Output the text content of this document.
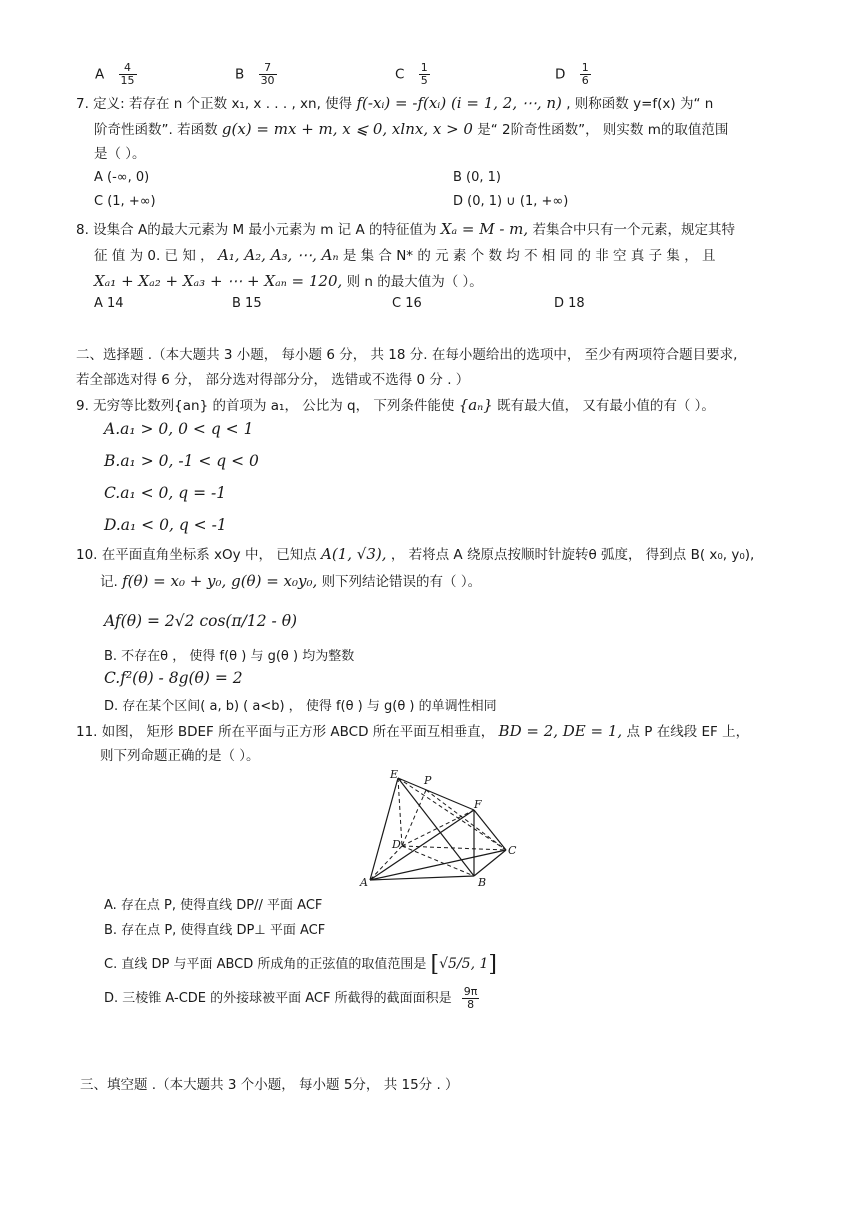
A $\frac{4}{15}$	B $\frac{7}{30}$	C $\frac{1}{5}$	D $\frac{1}{6}$
7. 定义: 若存在 n 个正数 x₁, x . . . , xn, 使得 f(-xᵢ) = -f(xᵢ) (i = 1, 2, ⋯, n) , 则称函数 y=f(x) 为“ n
阶奇性函数”. 若函数 g(x) = mx + m, x ⩽ 0, xlnx, x > 0 是“ 2阶奇性函数”， 则实数 m的取值范围
是（ ）。
A (-∞, 0)	B (0, 1)
C (1, +∞)	D (0, 1) ∪ (1, +∞)
8. 设集合 A的最大元素为 M 最小元素为 m 记 A 的特征值为 Xₐ = M - m, 若集合中只有一个元素，规定其特
征 值 为 0. 已 知 ， A₁, A₂, A₃, ⋯, Aₙ 是 集 合 N* 的 元 素 个 数 均 不 相 同 的 非 空 真 子 集 ， 且
Xₐ₁ + Xₐ₂ + Xₐ₃ + ⋯ + Xₐₙ = 120, 则 n 的最大值为（ ）。
A 14	B 15	C 16	D 18
二、选择题 .（本大题共 3 小题， 每小题 6 分， 共 18 分. 在每小题给出的选项中， 至少有两项符合题目要求,
若全部选对得 6 分， 部分选对得部分分， 选错或不选得 0 分 . ）
9. 无穷等比数列{an} 的首项为 a₁， 公比为 q， 下列条件能使 {aₙ} 既有最大值， 又有最小值的有（ ）。
A.a₁ > 0, 0 < q < 1
B.a₁ > 0, -1 < q < 0
C.a₁ < 0, q = -1
D.a₁ < 0, q < -1
10. 在平面直角坐标系 xOy 中， 已知点 A(1, √3), ， 若将点 A 绕原点按顺时针旋转θ 弧度， 得到点 B( x₀, y₀),
记. f(θ) = x₀ + y₀, g(θ) = x₀y₀, 则下列结论错误的有（ ）。
Af(θ) = 2√2 cos(π/12 - θ)
B. 不存在θ ， 使得 f(θ ) 与 g(θ ) 均为整数
C.f²(θ) - 8g(θ) = 2
D. 存在某个区间( a, b) ( a<b) ， 使得 f(θ ) 与 g(θ ) 的单调性相同
11. 如图， 矩形 BDEF 所在平面与正方形 ABCD 所在平面互相垂直， BD = 2, DE = 1, 点 P 在线段 EF 上，
则下列命题正确的是（ ）。
E P
F
D	C
A	B
A. 存在点 P, 使得直线 DP// 平面 ACF
B. 存在点 P, 使得直线 DP⊥ 平面 ACF
C. 直线 DP 与平面 ABCD 所成角的正弦值的取值范围是 [√5/5, 1]
D. 三棱锥 A-CDE 的外接球被平面 ACF 所截得的截面面积是 $\frac{9\pi}{8}$
三、填空题 .（本大题共 3 个小题， 每小题 5分， 共 15分 . ）
